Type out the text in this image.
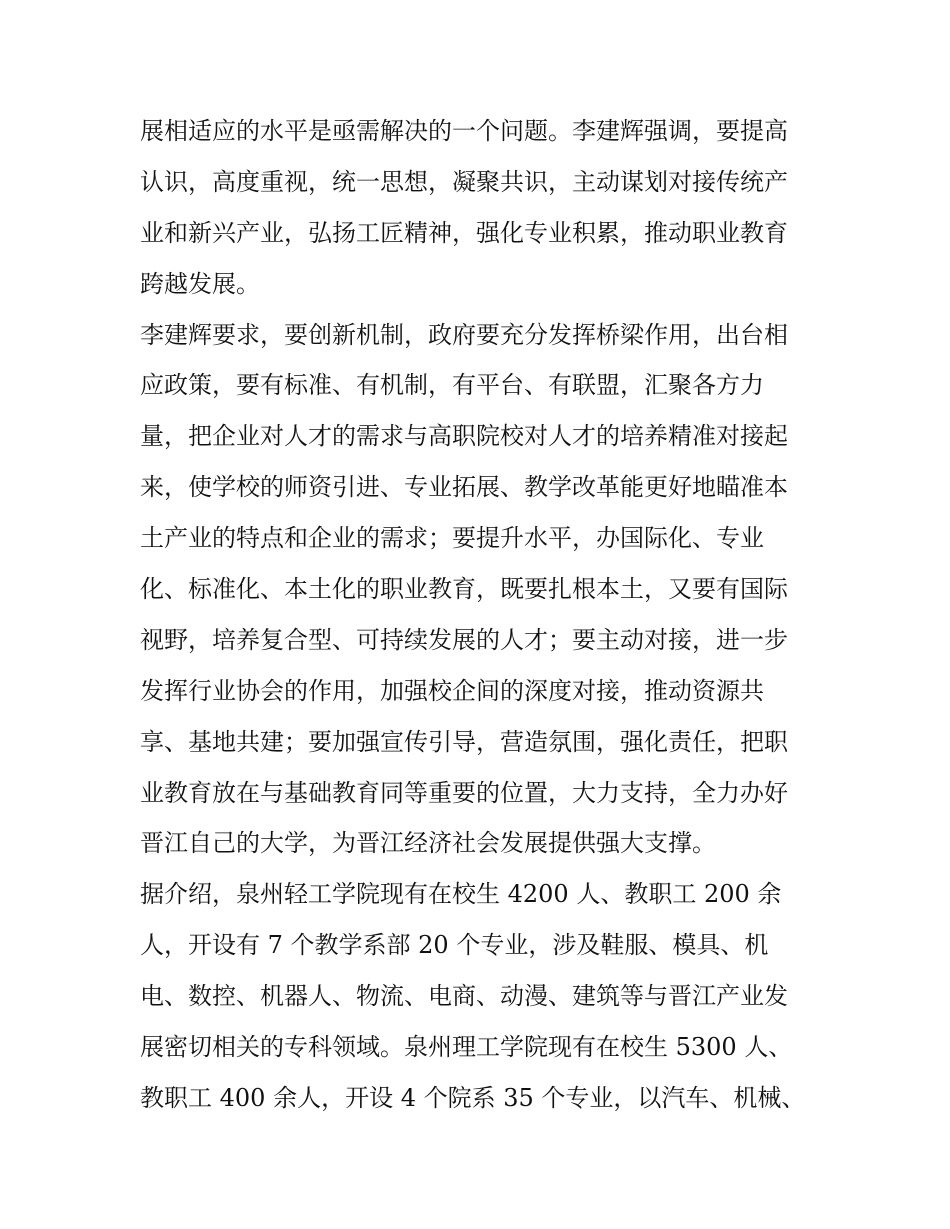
展相适应的水平是亟需解决的一个问题。李建辉强调，要提高
认识，高度重视，统一思想，凝聚共识，主动谋划对接传统产
业和新兴产业，弘扬工匠精神，强化专业积累，推动职业教育
跨越发展。
李建辉要求，要创新机制，政府要充分发挥桥梁作用，出台相
应政策，要有标准、有机制，有平台、有联盟，汇聚各方力
量，把企业对人才的需求与高职院校对人才的培养精准对接起
来，使学校的师资引进、专业拓展、教学改革能更好地瞄准本
土产业的特点和企业的需求；要提升水平，办国际化、专业
化、标准化、本土化的职业教育，既要扎根本土，又要有国际
视野，培养复合型、可持续发展的人才；要主动对接，进一步
发挥行业协会的作用，加强校企间的深度对接，推动资源共
享、基地共建；要加强宣传引导，营造氛围，强化责任，把职
业教育放在与基础教育同等重要的位置，大力支持，全力办好
晋江自己的大学，为晋江经济社会发展提供强大支撑。
据介绍，泉州轻工学院现有在校生 4200 人、教职工 200 余
人，开设有 7 个教学系部 20 个专业，涉及鞋服、模具、机
电、数控、机器人、物流、电商、动漫、建筑等与晋江产业发
展密切相关的专科领域。泉州理工学院现有在校生 5300 人、
教职工 400 余人，开设 4 个院系 35 个专业，以汽车、机械、
